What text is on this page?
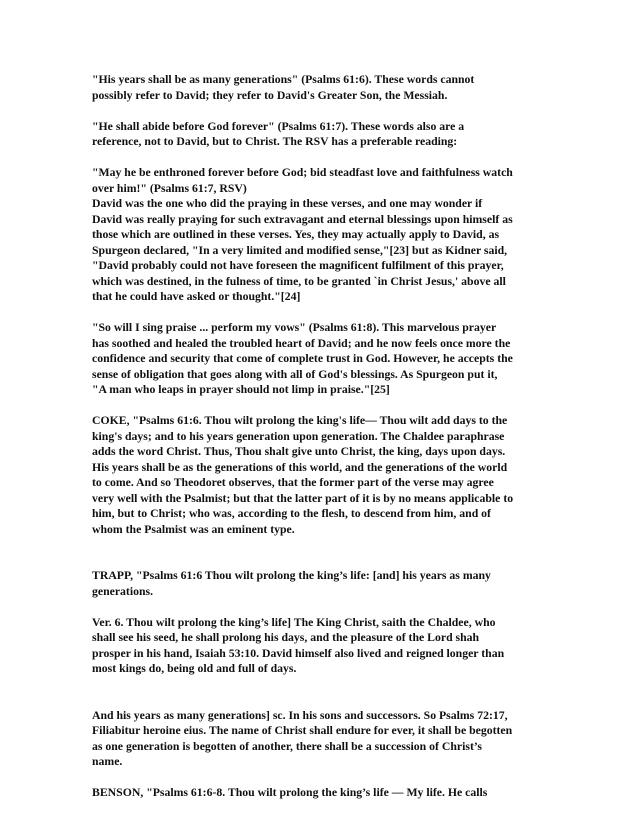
"His years shall be as many generations" (Psalms 61:6). These words cannot
possibly refer to David; they refer to David's Greater Son, the Messiah.

"He shall abide before God forever" (Psalms 61:7). These words also are a
reference, not to David, but to Christ. The RSV has a preferable reading:

"May he be enthroned forever before God; bid steadfast love and faithfulness watch
over him!" (Psalms 61:7, RSV)
David was the one who did the praying in these verses, and one may wonder if
David was really praying for such extravagant and eternal blessings upon himself as
those which are outlined in these verses. Yes, they may actually apply to David, as
Spurgeon declared, "In a very limited and modified sense,"[23] but as Kidner said,
"David probably could not have foreseen the magnificent fulfilment of this prayer,
which was destined, in the fulness of time, to be granted `in Christ Jesus,' above all
that he could have asked or thought."[24]

"So will I sing praise ... perform my vows" (Psalms 61:8). This marvelous prayer
has soothed and healed the troubled heart of David; and he now feels once more the
confidence and security that come of complete trust in God. However, he accepts the
sense of obligation that goes along with all of God's blessings. As Spurgeon put it,
"A man who leaps in prayer should not limp in praise."[25]

COKE, "Psalms 61:6. Thou wilt prolong the king's life— Thou wilt add days to the
king's days; and to his years generation upon generation. The Chaldee paraphrase
adds the word Christ. Thus, Thou shalt give unto Christ, the king, days upon days.
His years shall be as the generations of this world, and the generations of the world
to come. And so Theodoret observes, that the former part of the verse may agree
very well with the Psalmist; but that the latter part of it is by no means applicable to
him, but to Christ; who was, according to the flesh, to descend from him, and of
whom the Psalmist was an eminent type.

TRAPP, "Psalms 61:6 Thou wilt prolong the king’s life: [and] his years as many
generations.

Ver. 6. Thou wilt prolong the king’s life] The King Christ, saith the Chaldee, who
shall see his seed, he shall prolong his days, and the pleasure of the Lord shah
prosper in his hand, Isaiah 53:10. David himself also lived and reigned longer than
most kings do, being old and full of days.

And his years as many generations] sc. In his sons and successors. So Psalms 72:17,
Filiabitur heroine eius. The name of Christ shall endure for ever, it shall be begotten
as one generation is begotten of another, there shall be a succession of Christ’s
name.

BENSON, "Psalms 61:6-8. Thou wilt prolong the king’s life — My life. He calls
